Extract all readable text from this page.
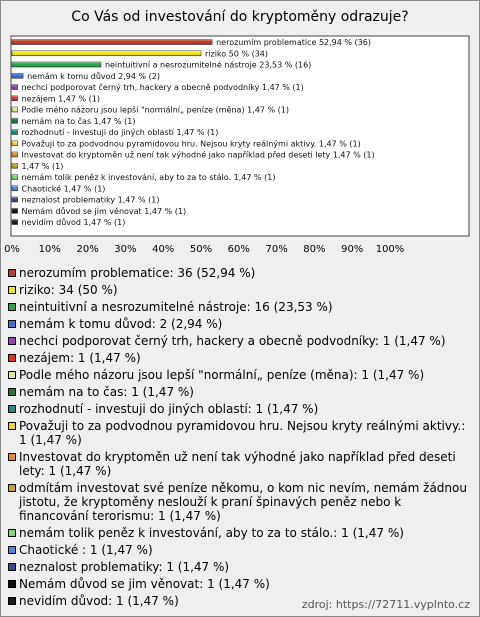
Co Vás od investování do kryptoměny odrazuje?
nerozumím problematice 52,94 % (36)
riziko 50 % (34)
neintuitivní a nesrozumitelné nástroje 23,53 % (16)
nemám k tomu důvod 2,94 % (2)
nechci podporovat černý trh, hackery a obecně podvodníky 1,47 % (1)
nezájem 1,47 % (1)
Podle mého názoru jsou lepší "normální„ peníze (měna) 1,47 % (1)
nemám na to čas 1,47 % (1)
rozhodnutí - investuji do jiných oblastí 1,47 % (1)
Považuji to za podvodnou pyramidovou hru. Nejsou kryty reálnými aktivy. 1,47 % (1)
Investovat do kryptoměn už není tak výhodné jako například před deseti lety 1,47 % (1)
1,47 % (1)
nemám tolik peněz k investování, aby to za to stálo. 1,47 % (1)
Chaotické 1,47 % (1)
neznalost problematiky 1,47 % (1)
Nemám důvod se jim věnovat 1,47 % (1)
nevidím důvod 1,47 % (1)
0% 10% 20% 30% 40% 50% 60% 70% 80% 90% 100%
nerozumím problematice: 36 (52,94 %)
riziko: 34 (50 %)
neintuitivní a nesrozumitelné nástroje: 16 (23,53 %)
nemám k tomu důvod: 2 (2,94 %)
nechci podporovat černý trh, hackery a obecně podvodníky: 1 (1,47 %)
nezájem: 1 (1,47 %)
Podle mého názoru jsou lepší "normální„ peníze (měna): 1 (1,47 %)
nemám na to čas: 1 (1,47 %)
rozhodnutí - investuji do jiných oblastí: 1 (1,47 %)
Považuji to za podvodnou pyramidovou hru. Nejsou kryty reálnými aktivy.: 1 (1,47 %)
Investovat do kryptoměn už není tak výhodné jako například před deseti lety: 1 (1,47 %)
odmítám investovat své peníze někomu, o kom nic nevím, nemám žádnou jistotu, že kryptoměny neslouží k praní špinavých peněz nebo k financování terorismu: 1 (1,47 %)
nemám tolik peněz k investování, aby to za to stálo.: 1 (1,47 %)
Chaotické : 1 (1,47 %)
neznalost problematiky: 1 (1,47 %)
Nemám důvod se jim věnovat: 1 (1,47 %)
nevidím důvod: 1 (1,47 %)	zdroj: https://72711.vyplnto.cz
